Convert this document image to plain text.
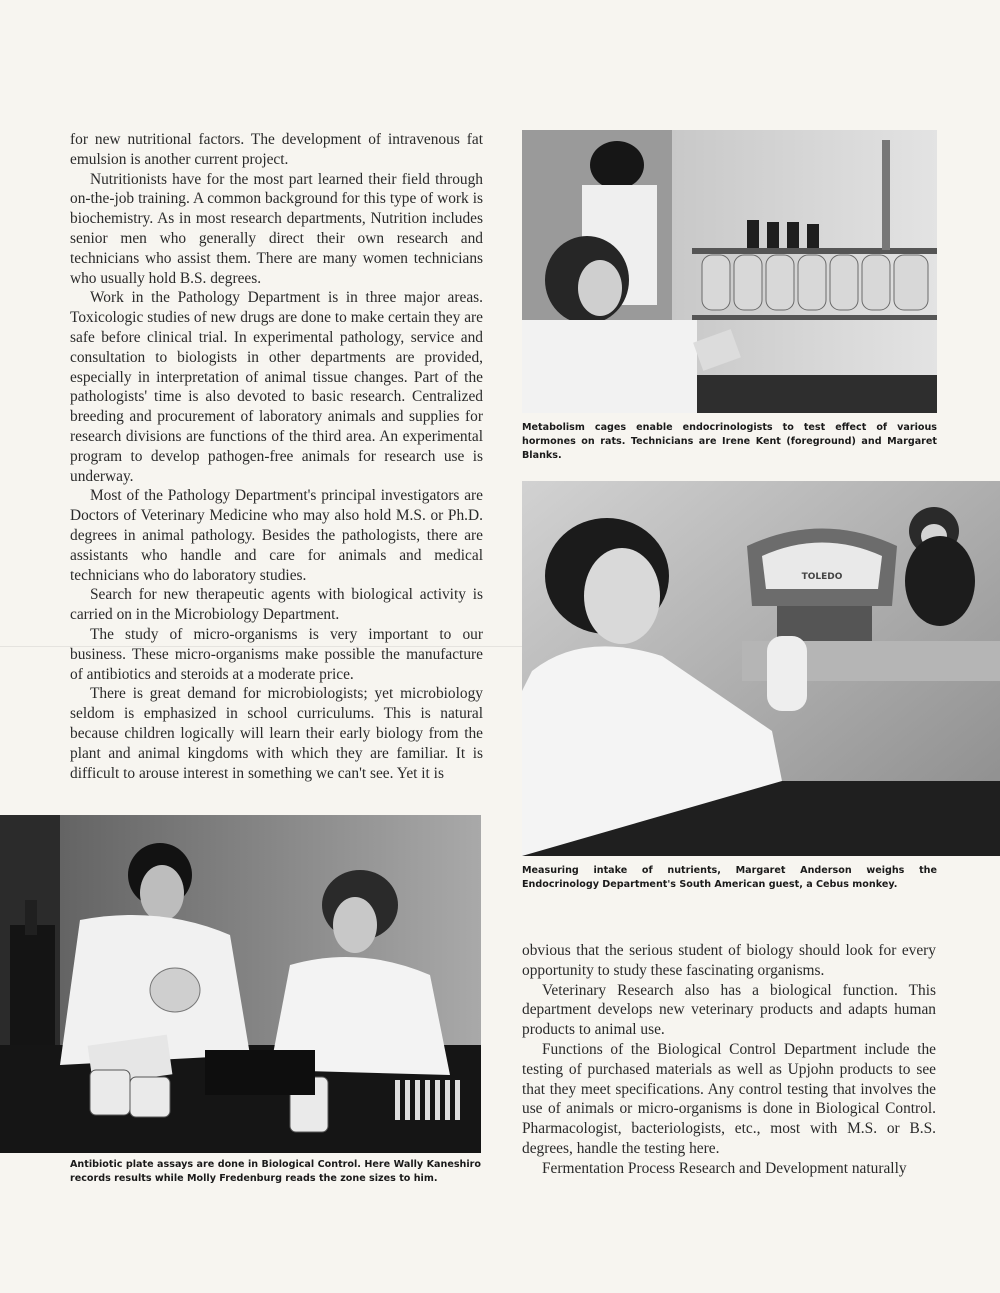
for new nutritional factors. The development of intravenous fat emulsion is another current project.

Nutritionists have for the most part learned their field through on-the-job training. A common background for this type of work is biochemistry. As in most research departments, Nutrition includes senior men who generally direct their own research and technicians who assist them. There are many women technicians who usually hold B.S. degrees.

Work in the Pathology Department is in three major areas. Toxicologic studies of new drugs are done to make certain they are safe before clinical trial. In experimental pathology, service and consultation to biologists in other departments are provided, especially in interpretation of animal tissue changes. Part of the pathologists' time is also devoted to basic research. Centralized breeding and procurement of laboratory animals and supplies for research divisions are functions of the third area. An experimental program to develop pathogen-free animals for research use is underway.

Most of the Pathology Department's principal investigators are Doctors of Veterinary Medicine who may also hold M.S. or Ph.D. degrees in animal pathology. Besides the pathologists, there are assistants who handle and care for animals and medical technicians who do laboratory studies.

Search for new therapeutic agents with biological activity is carried on in the Microbiology Department.

The study of micro-organisms is very important to our business. These micro-organisms make possible the manufacture of antibiotics and steroids at a moderate price.

There is great demand for microbiologists; yet microbiology seldom is emphasized in school curriculums. This is natural because children logically will learn their early biology from the plant and animal kingdoms with which they are familiar. It is difficult to arouse interest in something we can't see. Yet it is

Metabolism cages enable endocrinologists to test effect of various hormones on rats. Technicians are Irene Kent (foreground) and Margaret Blanks.
TOLEDO
Measuring intake of nutrients, Margaret Anderson weighs the Endocrinology Department's South American guest, a Cebus monkey.
Antibiotic plate assays are done in Biological Control. Here Wally Kaneshiro records results while Molly Fredenburg reads the zone sizes to him.

obvious that the serious student of biology should look for every opportunity to study these fascinating organisms.

Veterinary Research also has a biological function. This department develops new veterinary products and adapts human products to animal use.

Functions of the Biological Control Department include the testing of purchased materials as well as Upjohn products to see that they meet specifications. Any control testing that involves the use of animals or micro-organisms is done in Biological Control. Pharmacologist, bacteriologists, etc., most with M.S. or B.S. degrees, handle the testing here.

Fermentation Process Research and Development naturally
